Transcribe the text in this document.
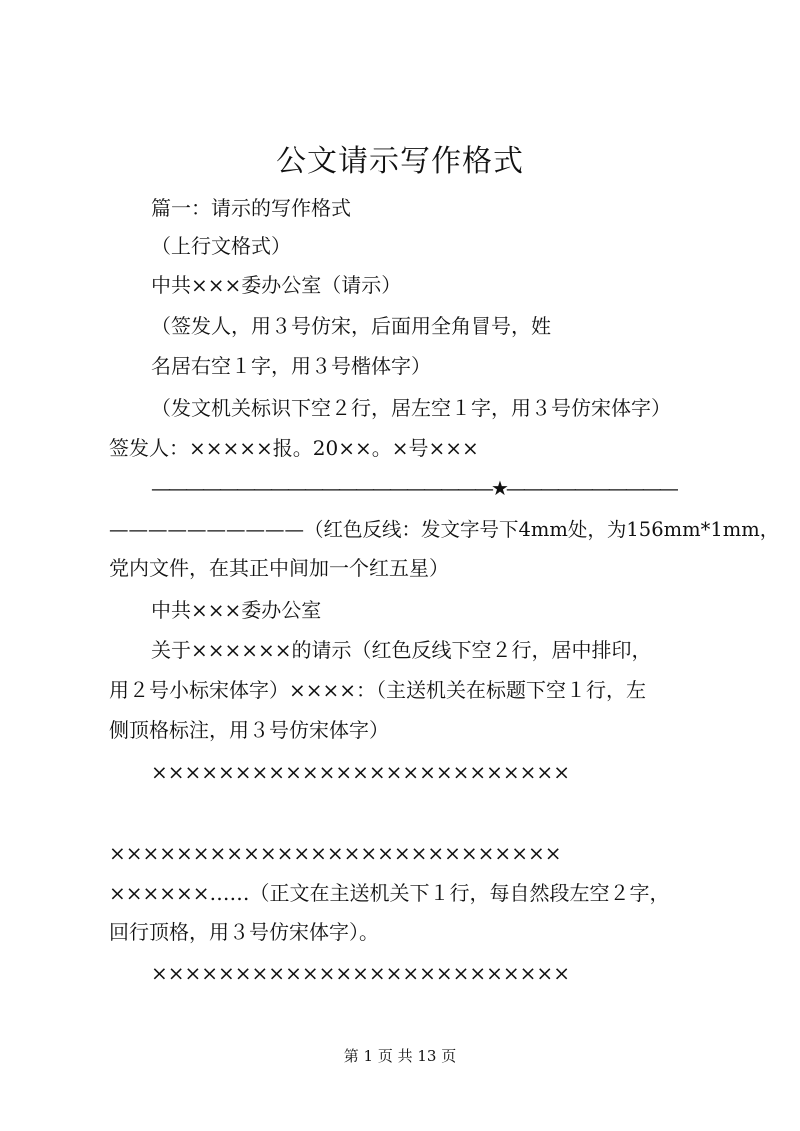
公文请示写作格式
篇一：请示的写作格式
（上行文格式）
中共×××委办公室（请示）
（签发人，用３号仿宋，后面用全角冒号，姓
名居右空１字，用３号楷体字）
（发文机关标识下空２行，居左空１字，用３号仿宋体字）
签发人：×××××报。20××。×号×××
————————————————————★——————————
——————————（红色反线：发文字号下4mm处，为156mm*1mm，
党内文件，在其正中间加一个红五星）
中共×××委办公室
关于××××××的请示（红色反线下空２行，居中排印，
用２号小标宋体字）××××：（主送机关在标题下空１行，左
侧顶格标注，用３号仿宋体字）
×××××××××××××××××××××××××
×××××××××××××××××××××××××××
××××××……（正文在主送机关下１行，每自然段左空２字，
回行顶格，用３号仿宋体字）。
×××××××××××××××××××××××××
第 1 页 共 13 页
